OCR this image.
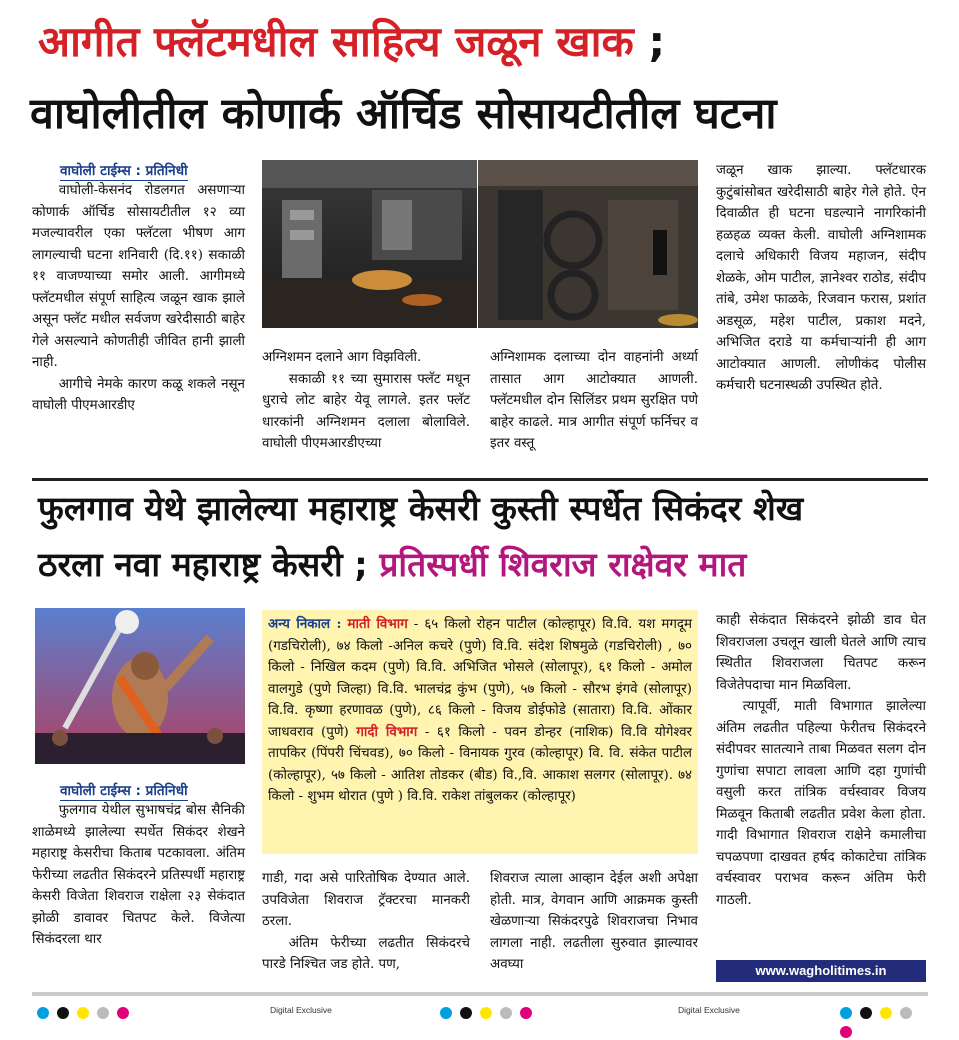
आगीत फ्लॅटमधील साहित्य जळून खाक ;
वाघोलीतील कोणार्क ऑर्चिड सोसायटीतील घटना
वाघोली टाईम्स : प्रतिनिधी

वाघोली-केसनंद रोडलगत असणाऱ्या कोणार्क ऑर्चिड सोसायटीतील १२ व्या मजल्यावरील एका फ्लॅटला भीषण आग लागल्याची घटना शनिवारी (दि.११) सकाळी ११ वाजण्याच्या समोर आली. आगीमध्ये फ्लॅटमधील संपूर्ण साहित्य जळून खाक झाले असून फ्लॅट मधील सर्वजण खरेदीसाठी बाहेर गेले असल्याने कोणतीही जीवित हानी झाली नाही.

आगीचे नेमके कारण कळू शकले नसून वाघोली पीएमआरडीए

अग्निशमन दलाने आग विझविली.

सकाळी ११ च्या सुमारास फ्लॅट मधून धुराचे लोट बाहेर येवू लागले. इतर फ्लॅट धारकांनी अग्निशमन दलाला बोलाविले. वाघोली पीएमआरडीएच्या

अग्निशामक दलाच्या दोन वाहनांनी अर्ध्या तासात आग आटोक्यात आणली. फ्लॅटमधील दोन सिलिंडर प्रथम सुरक्षित पणे बाहेर काढले. मात्र आगीत संपूर्ण फर्निचर व इतर वस्तू

जळून खाक झाल्या. फ्लॅटधारक कुटुंबांसोबत खरेदीसाठी बाहेर गेले होते. ऐन दिवाळीत ही घटना घडल्याने नागरिकांनी हळहळ व्यक्त केली. वाघोली अग्निशामक दलाचे अधिकारी विजय महाजन, संदीप शेळके, ओम पाटील, ज्ञानेश्वर राठोड, संदीप तांबे, उमेश फाळके, रिजवान फरास, प्रशांत अडसूळ, महेश पाटील, प्रकाश मदने, अभिजित दराडे या कर्मचाऱ्यांनी ही आग आटोक्यात आणली. लोणीकंद पोलीस कर्मचारी घटनास्थळी उपस्थित होते.

फुलगाव येथे झालेल्या महाराष्ट्र केसरी कुस्ती स्पर्धेत सिकंदर शेख
ठरला नवा महाराष्ट्र केसरी ; प्रतिस्पर्धी शिवराज राक्षेवर मात
वाघोली टाईम्स : प्रतिनिधी

फुलगाव येथील सुभाषचंद्र बोस सैनिकी शाळेमध्ये झालेल्या स्पर्धेत सिकंदर शेखने महाराष्ट्र केसरीचा किताब पटकावला. अंतिम फेरीच्या लढतीत सिकंदरने प्रतिस्पर्धी महाराष्ट्र केसरी विजेता शिवराज राक्षेला २३ सेकंदात झोळी डावावर चितपट केले. विजेत्या सिकंदरला थार

अन्य निकाल : माती विभाग - ६५ किलो रोहन पाटील (कोल्हापूर) वि.वि. यश मगदूम (गडचिरोली), ७४ किलो -अनिल कचरे (पुणे) वि.वि. संदेश शिषमुळे (गडचिरोली) , ७० किलो - निखिल कदम (पुणे) वि.वि. अभिजित भोसले (सोलापूर), ६१ किलो - अमोल वालगुडे (पुणे जिल्हा) वि.वि. भालचंद्र कुंभ (पुणे), ५७ किलो - सौरभ इंगवे (सोलापूर) वि.वि. कृष्णा हरणावळ (पुणे), ८६ किलो - विजय डोईफोडे (सातारा) वि.वि. ओंकार जाधवराव (पुणे) गादी विभाग - ६१ किलो - पवन डोन्हर (नाशिक) वि.वि योगेश्वर तापकिर (पिंपरी चिंचवड), ७० किलो - विनायक गुरव (कोल्हापूर) वि. वि. संकेत पाटील (कोल्हापूर), ५७ किलो - आतिश तोडकर (बीड) वि.,वि. आकाश सलगर (सोलापूर). ७४ किलो - शुभम थोरात (पुणे ) वि.वि. राकेश तांबुलकर (कोल्हापूर)

गाडी, गदा असे पारितोषिक देण्यात आले. उपविजेता शिवराज ट्रॅक्टरचा मानकरी ठरला.

अंतिम फेरीच्या लढतीत सिकंदरचे पारडे निश्चित जड होते. पण,

शिवराज त्याला आव्हान देईल अशी अपेक्षा होती. मात्र, वेगवान आणि आक्रमक कुस्ती खेळणाऱ्या सिकंदरपुढे शिवराजचा निभाव लागला नाही. लढतीला सुरुवात झाल्यावर अवघ्या

काही सेकंदात सिकंदरने झोळी डाव घेत शिवराजला उचलून खाली घेतले आणि त्याच स्थितीत शिवराजला चितपट करून विजेतेपदाचा मान मिळविला.

त्यापूर्वी, माती विभागात झालेल्या अंतिम लढतीत पहिल्या फेरीतच सिकंदरने संदीपवर सातत्याने ताबा मिळवत सलग दोन गुणांचा सपाटा लावला आणि दहा गुणांची वसुली करत तांत्रिक वर्चस्वावर विजय मिळवून किताबी लढतीत प्रवेश केला होता. गादी विभागात शिवराज राक्षेने कमालीचा चपळपणा दाखवत हर्षद कोकाटेचा तांत्रिक वर्चस्वावर पराभव करून अंतिम फेरी गाठली.

www.wagholitimes.in

Digital Exclusive
	Digital Exclusive
